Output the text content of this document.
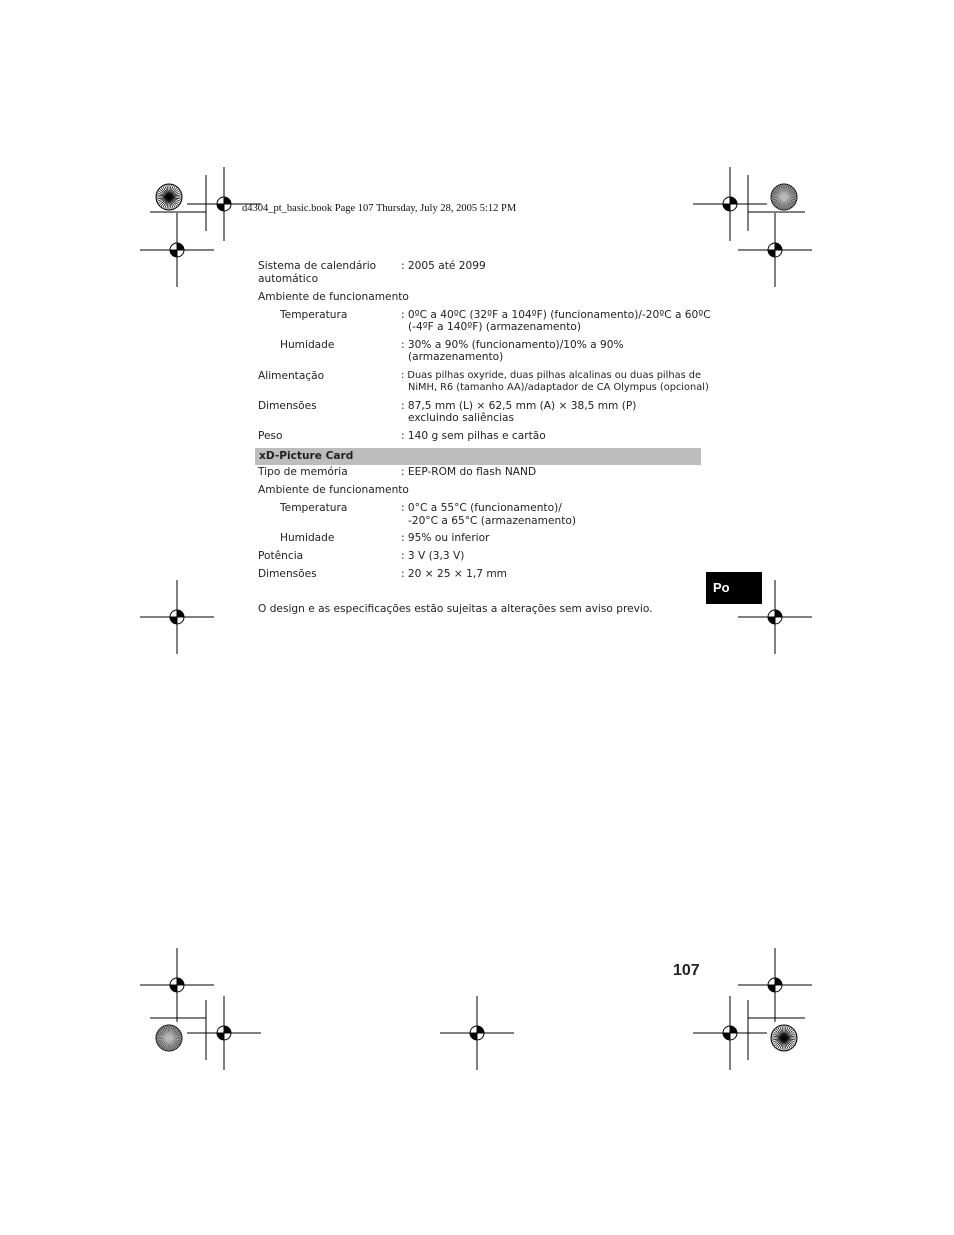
d4304_pt_basic.book Page 107 Thursday, July 28, 2005 5:12 PM
Sistema de calendário
automático
: 2005 até 2099
Ambiente de funcionamento
Temperatura	: 0ºC a 40ºC (32ºF a 104ºF) (funcionamento)/-20ºC a 60ºC
(-4ºF a 140ºF) (armazenamento)
Humidade	: 30% a 90% (funcionamento)/10% a 90%
(armazenamento)
Alimentação	: Duas pilhas oxyride, duas pilhas alcalinas ou duas pilhas de
NiMH, R6 (tamanho AA)/adaptador de CA Olympus (opcional)
Dimensões	: 87,5 mm (L) × 62,5 mm (A) × 38,5 mm (P)
excluindo saliências
Peso	: 140 g sem pilhas e cartão
xD-Picture Card
Tipo de memória	: EEP-ROM do flash NAND
Ambiente de funcionamento
Temperatura	: 0°C a 55°C (funcionamento)/
-20°C a 65°C (armazenamento)
Humidade	: 95% ou inferior
Potência	: 3 V (3,3 V)
Dimensões	: 20 × 25 × 1,7 mm
O design e as especificações estão sujeitas a alterações sem aviso previo.
Po
107
